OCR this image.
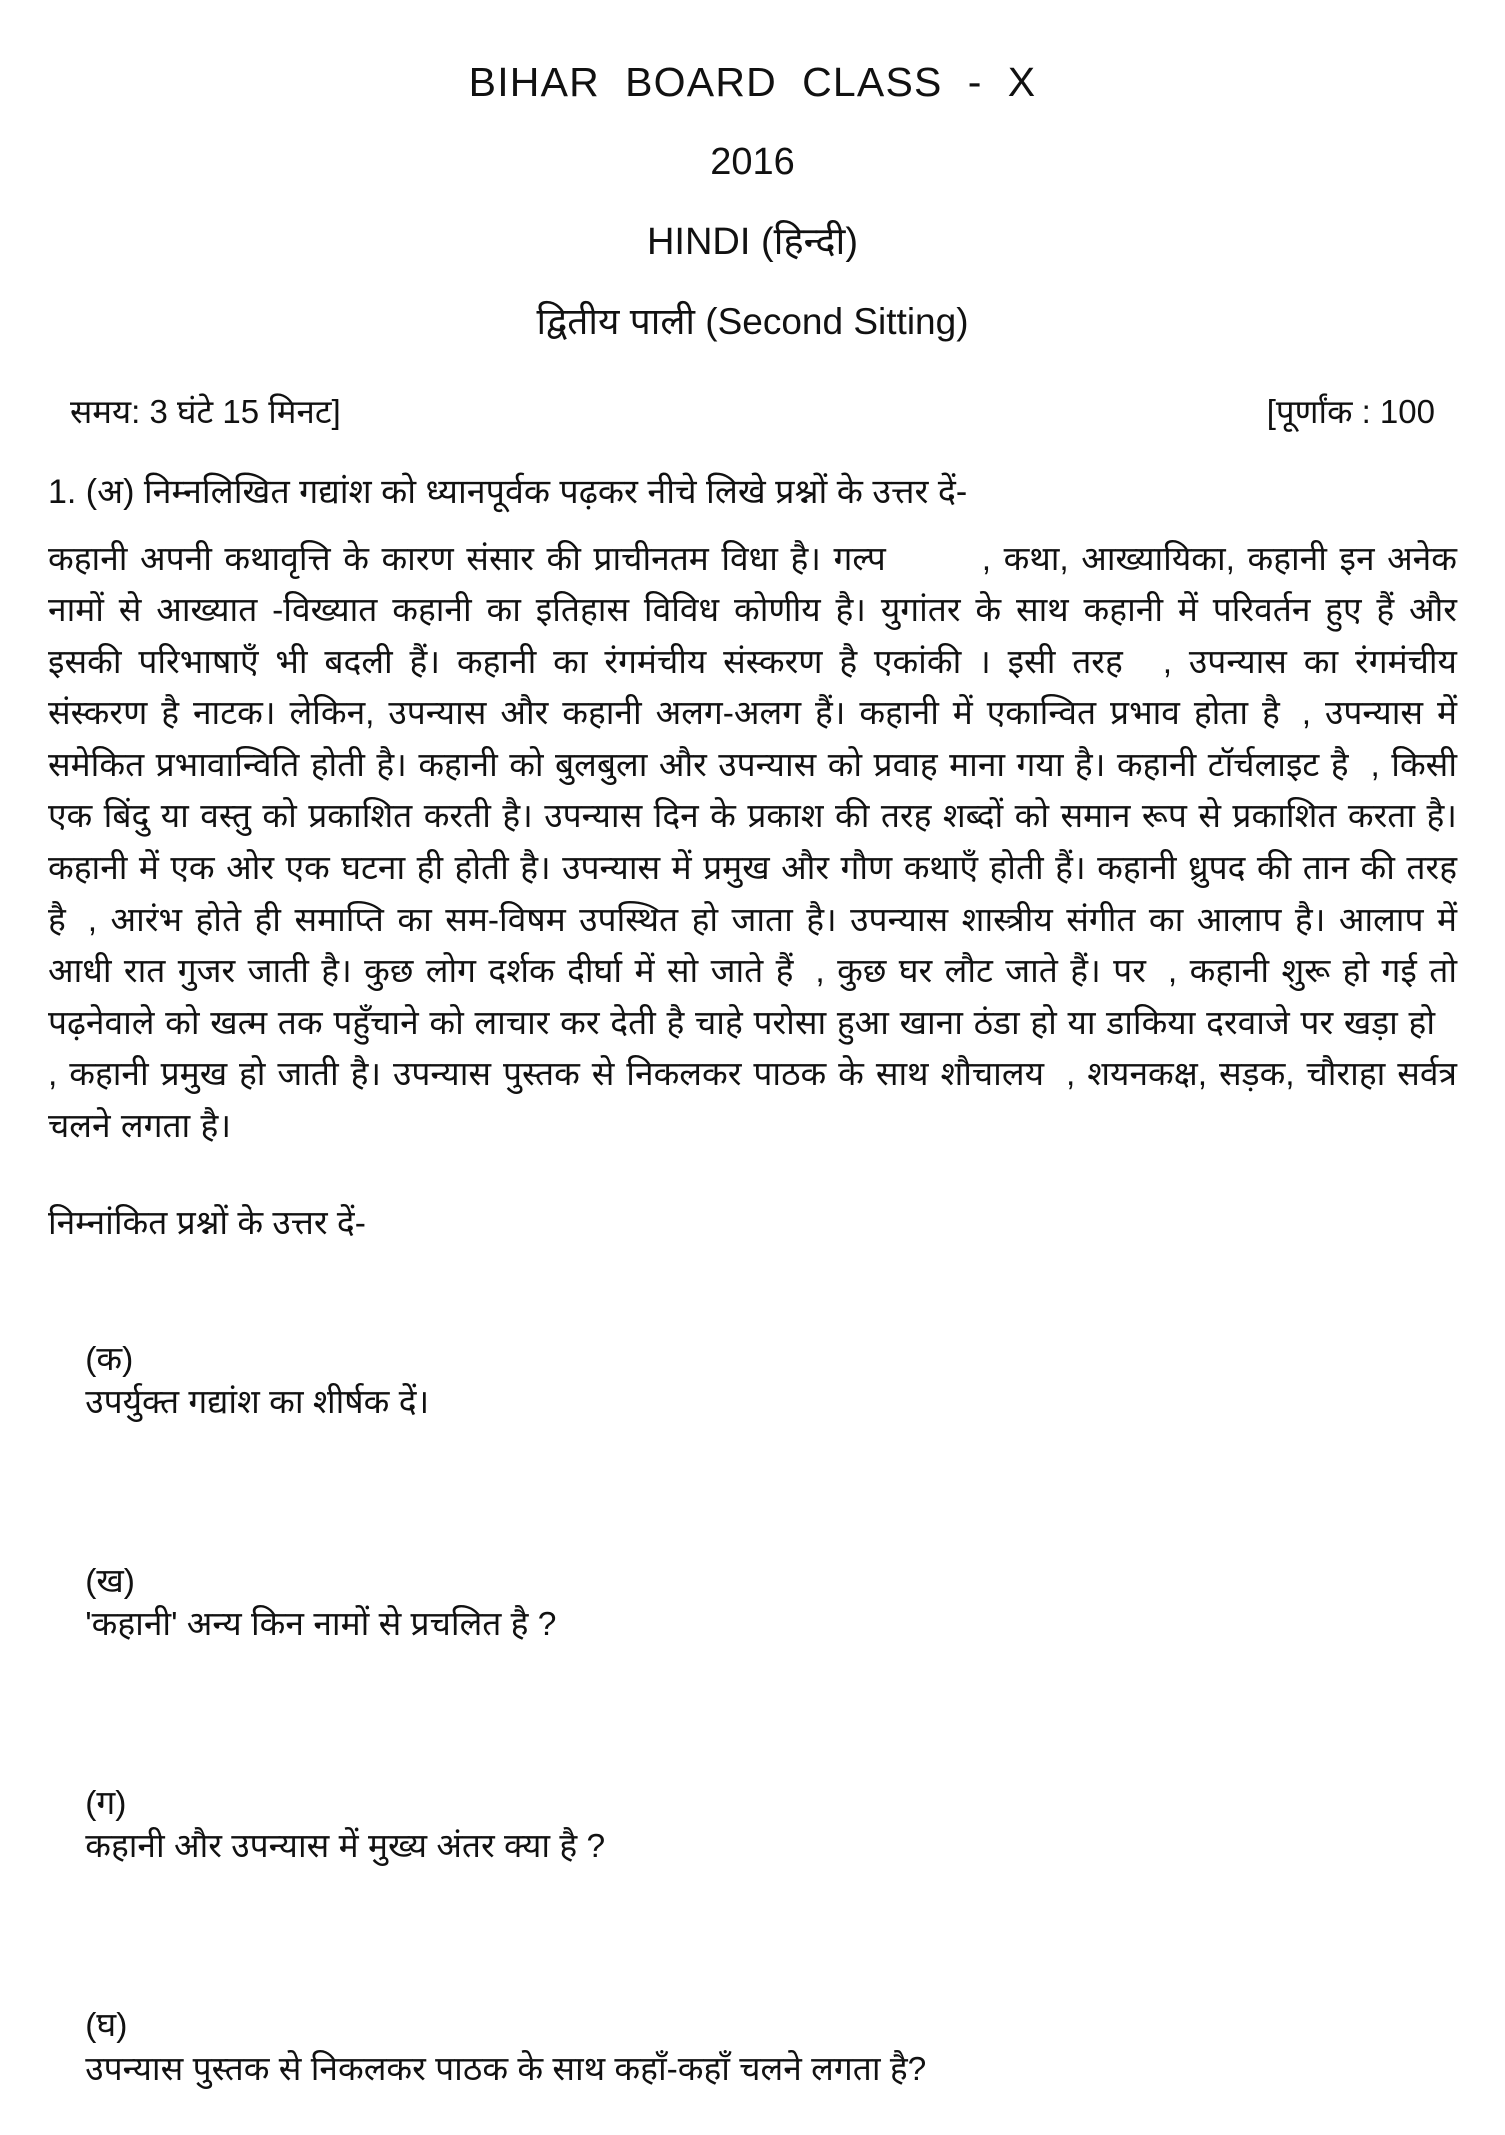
BIHAR  BOARD  CLASS  -  X
2016
HINDI (हिन्दी)
द्वितीय पाली (Second Sitting)
समय: 3 घंटे 15 मिनट]	[पूर्णांक : 100
1. (अ) निम्नलिखित गद्यांश को ध्यानपूर्वक पढ़कर नीचे लिखे प्रश्नों के उत्तर दें-
कहानी अपनी कथावृत्ति के कारण संसार की प्राचीनतम विधा है। गल्प	, कथा, आख्यायिका, कहानी इन अनेक नामों से आख्यात -विख्यात कहानी का इतिहास विविध कोणीय है। युगांतर के साथ कहानी में परिवर्तन हुए हैं और इसकी परिभाषाएँ भी बदली हैं। कहानी का रंगमंचीय संस्करण है एकांकी । इसी तरह , उपन्यास का रंगमंचीय संस्करण है नाटक। लेकिन, उपन्यास और कहानी अलग-अलग हैं। कहानी में एकान्वित प्रभाव होता है , उपन्यास में समेकित प्रभावान्विति होती है। कहानी को बुलबुला और उपन्यास को प्रवाह माना गया है। कहानी टॉर्चलाइट है , किसी एक बिंदु या वस्तु को प्रकाशित करती है। उपन्यास दिन के प्रकाश की तरह शब्दों को समान रूप से प्रकाशित करता है। कहानी में एक ओर एक घटना ही होती है। उपन्यास में प्रमुख और गौण कथाएँ होती हैं। कहानी ध्रुपद की तान की तरह है , आरंभ होते ही समाप्ति का सम-विषम उपस्थित हो जाता है। उपन्यास शास्त्रीय संगीत का आलाप है। आलाप में आधी रात गुजर जाती है। कुछ लोग दर्शक दीर्घा में सो जाते हैं , कुछ घर लौट जाते हैं। पर , कहानी शुरू हो गई तो पढ़नेवाले को खत्म तक पहुँचाने को लाचार कर देती है चाहे परोसा हुआ खाना ठंडा हो या डाकिया दरवाजे पर खड़ा हो, कहानी प्रमुख हो जाती है। उपन्यास पुस्तक से निकलकर पाठक के साथ शौचालय , शयनकक्ष, सड़क, चौराहा सर्वत्र चलने लगता है।
निम्नांकित प्रश्नों के उत्तर दें-

(क)
उपर्युक्त गद्यांश का शीर्षक दें।

(ख)
'कहानी' अन्य किन नामों से प्रचलित है ?

(ग)
कहानी और उपन्यास में मुख्य अंतर क्या है ?

(घ)
उपन्यास पुस्तक से निकलकर पाठक के साथ कहाँ-कहाँ चलने लगता है?
